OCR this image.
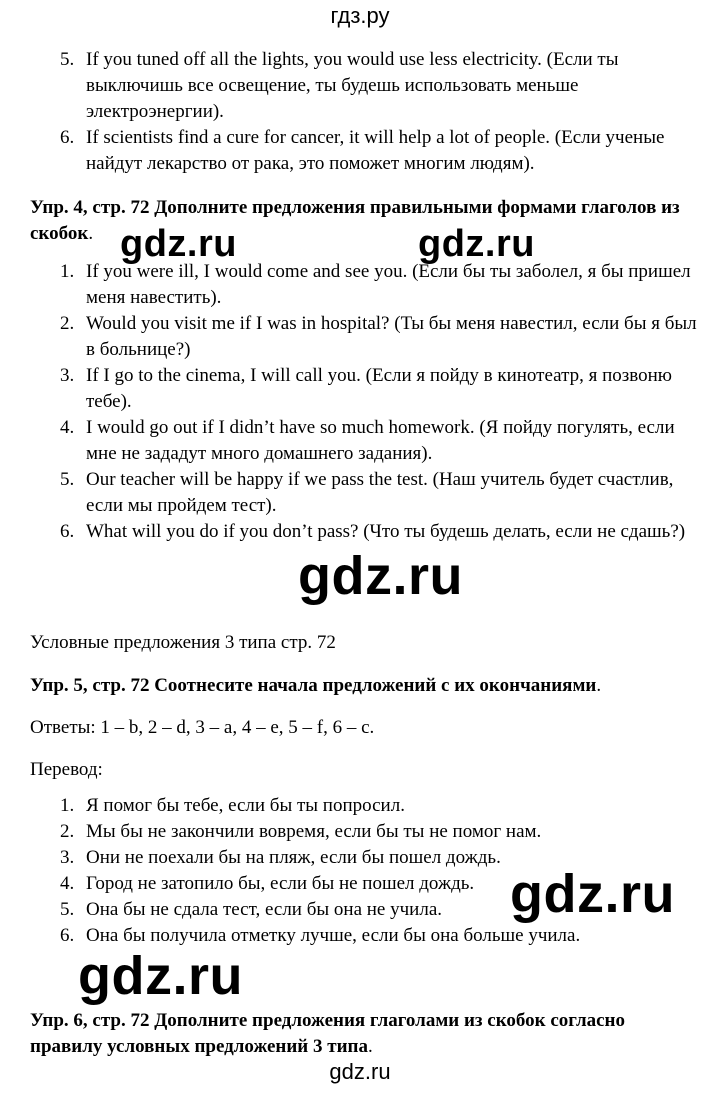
гдз.ру
5. If you tuned off all the lights, you would use less electricity. (Если ты выключишь все освещение, ты будешь использовать меньше электроэнергии).
6. If scientists find a cure for cancer, it will help a lot of people. (Если ученые найдут лекарство от рака, это поможет многим людям).
Упр. 4, стр. 72 Дополните предложения правильными формами глаголов из скобок.
1. If you were ill, I would come and see you. (Если бы ты заболел, я бы пришел меня навестить).
2. Would you visit me if I was in hospital? (Ты бы меня навестил, если бы я был в больнице?)
3. If I go to the cinema, I will call you. (Если я пойду в кинотеатр, я позвоню тебе).
4. I would go out if I didn’t have so much homework. (Я пойду погулять, если мне не зададут много домашнего задания).
5. Our teacher will be happy if we pass the test. (Наш учитель будет счастлив, если мы пройдем тест).
6. What will you do if you don’t pass? (Что ты будешь делать, если не сдашь?)
Условные предложения 3 типа стр. 72
Упр. 5, стр. 72 Соотнесите начала предложений с их окончаниями.
Ответы: 1 – b, 2 – d, 3 – a, 4 – e, 5 – f, 6 – c.
Перевод:
1. Я помог бы тебе, если бы ты попросил.
2. Мы бы не закончили вовремя, если бы ты не помог нам.
3. Они не поехали бы на пляж, если бы пошел дождь.
4. Город не затопило бы, если бы не пошел дождь.
5. Она бы не сдала тест, если бы она не учила.
6. Она бы получила отметку лучше, если бы она больше учила.
Упр. 6, стр. 72 Дополните предложения глаголами из скобок согласно правилу условных предложений 3 типа.
gdz.ru	gdz.ru
gdz.ru
gdz.ru
gdz.ru
gdz.ru
